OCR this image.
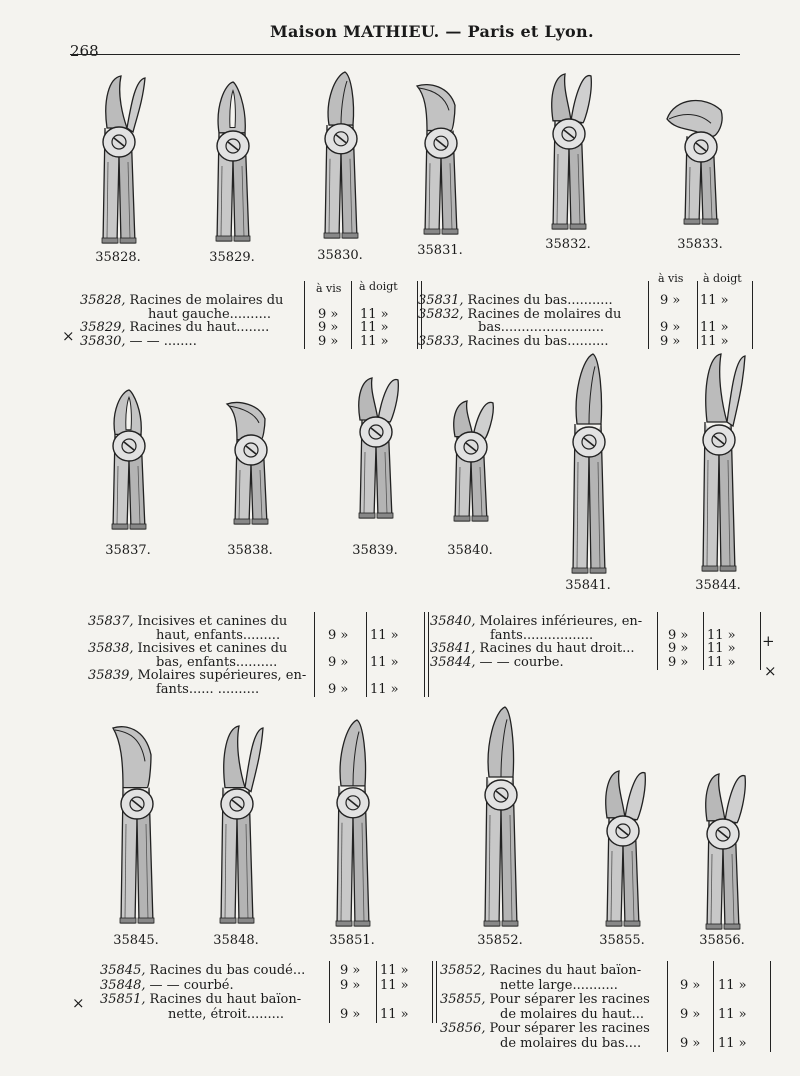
268
Maison MATHIEU. — Paris et Lyon.
35828.	35829.	35830.	35831.	35832.	35833.
à vis
à vis
à doigt
à doigt
35828, Racines de molaires du
haut gauche..........	9 » 11 »
35829, Racines du haut........	9 » 11 »
35830, — — ........	9 » 11 »
35831, Racines du bas...........	9 » 11 »
35832, Racines de molaires du
bas.........................	9 » 11 »
35833, Racines du bas..........	9 » 11 »
35837.	35838.	35839.	35840.
35841.	35844.
35837, Incisives et canines du
haut, enfants.........	9 » 11 »
35838, Incisives et canines du
bas, enfants..........	9 » 11 »
35839, Molaires supérieures, en-
fants...... ..........	9 » 11 »
35840, Molaires inférieures, en-
fants.................	9 » 11 »
35841, Racines du haut droit...	9 » 11 »
35844, — — courbe.	9 » 11 »
35845.	35848.	35851.	35852.	35855.	35856.
35845, Racines du bas coudé...	9 » 11 »
35848, — — courbé.	9 » 11 »
35851, Racines du haut baïon-
nette, étroit.........	9 » 11 »
35852, Racines du haut baïon-
nette large...........	9 » 11 »
35855, Pour séparer les racines
de molaires du haut...	9 » 11 »
35856, Pour séparer les racines
de molaires du bas....	9 » 11 »
×
+
×
×
